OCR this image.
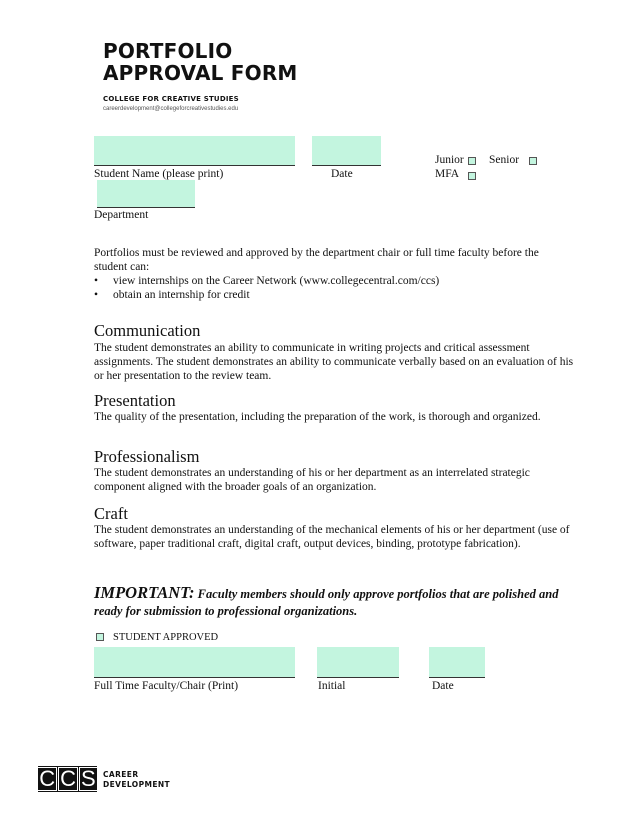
PORTFOLIO
APPROVAL FORM
COLLEGE FOR CREATIVE STUDIES
careerdevelopment@collegeforcreativestudies.edu
Student Name (please print)	Date
Junior Senior
MFA
Department
Portfolios must be reviewed and approved by the department chair or full time faculty before the student can:
• view internships on the Career Network (www.collegecentral.com/ccs)
• obtain an internship for credit
Communication
The student demonstrates an ability to communicate in writing projects and critical assessment assignments. The student demonstrates an ability to communicate verbally based on an evaluation of his or her presentation to the review team.
Presentation
The quality of the presentation, including the preparation of the work, is thorough and organized.
Professionalism
The student demonstrates an understanding of his or her department as an interrelated strategic component aligned with the broader goals of an organization.
Craft
The student demonstrates an understanding of the mechanical elements of his or her department (use of software, paper traditional craft, digital craft, output devices, binding, prototype fabrication).
IMPORTANT: Faculty members should only approve portfolios that are polished and ready for submission to professional organizations.
STUDENT APPROVED
Full Time Faculty/Chair (Print)	Initial	Date
C C S CAREER
DEVELOPMENT
